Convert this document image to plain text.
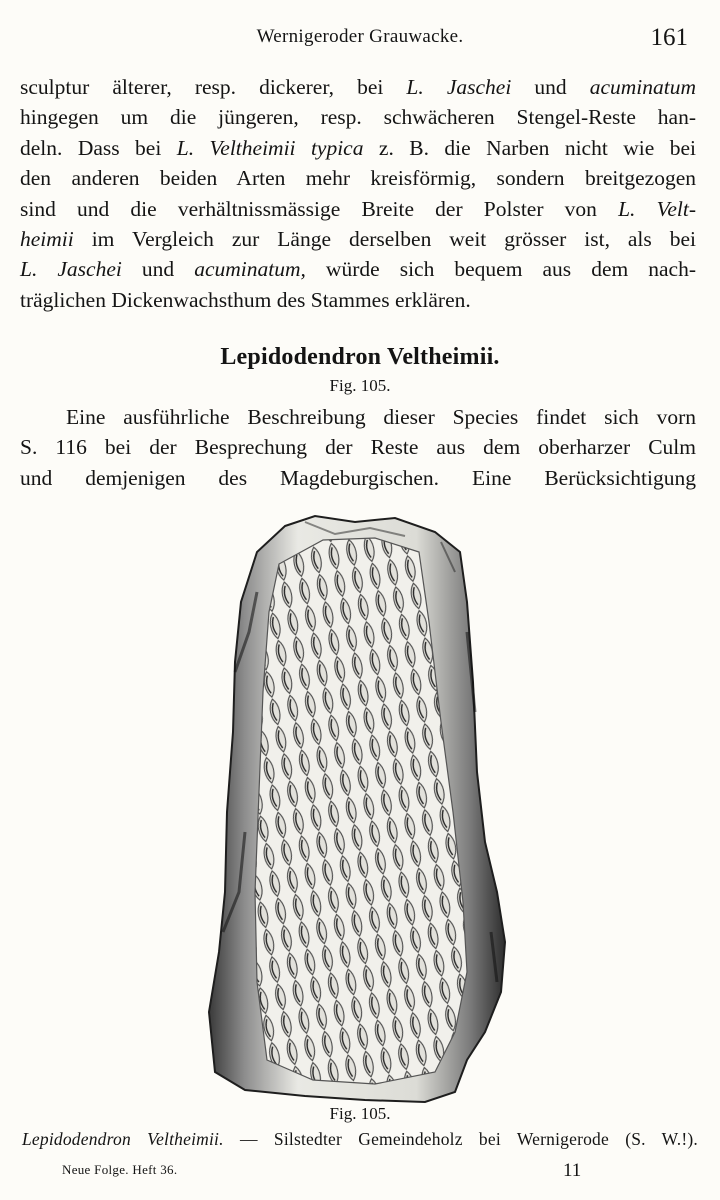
Wernigeroder Grauwacke.	161

sculptur älterer, resp. dickerer, bei L. Jaschei und acuminatum
hingegen um die jüngeren, resp. schwächeren Stengel-Reste han-
deln. Dass bei L. Veltheimii typica z. B. die Narben nicht wie bei
den anderen beiden Arten mehr kreisförmig, sondern breitgezogen
sind und die verhältnissmässige Breite der Polster von L. Velt-
heimii im Vergleich zur Länge derselben weit grösser ist, als bei
L. Jaschei und acuminatum, würde sich bequem aus dem nach-
träglichen Dickenwachsthum des Stammes erklären.

Lepidodendron Veltheimii.
Fig. 105.

Eine ausführliche Beschreibung dieser Species findet sich vorn
S. 116 bei der Besprechung der Reste aus dem oberharzer Culm
und demjenigen des Magdeburgischen. Eine Berücksichtigung

Fig. 105.
Lepidodendron Veltheimii. — Silstedter Gemeindeholz bei Wernigerode (S. W.!).
Neue Folge. Heft 36.	11
